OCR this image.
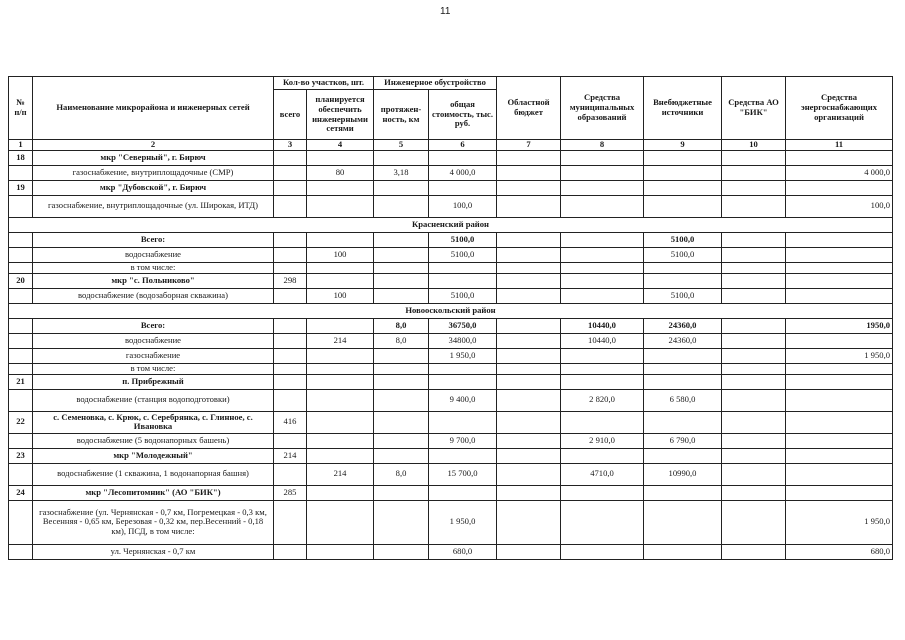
11
№
п/п	Наименование микрорайона и инженерных сетей	Кол-во участков, шт.		Инженерное обустройство		Областной бюджет	Средства муниципальных образований	Внебюджетные источники	Средства АО "БИК"	Средства энергоснабжающих организаций
		всего	планируется обеспечить инженерными сетями	протяжен-ность, км	общая стоимость, тыс. руб.					
1	2	3	4	5	6	7	8	9	10	11
18	мкр "Северный", г. Бирюч									
	газоснабжение, внутриплощадочные (СМР)		80	3,18	4 000,0					4 000,0
19	мкр "Дубовской", г. Бирюч									
	газоснабжение, внутриплощадочные (ул. Широкая, ИТД)				100,0					100,0
Красненский район										
	Всего:				5100,0			5100,0		
	водоснабжение		100		5100,0			5100,0		
	в том числе:									
20	мкр "с. Польниково"	298								
	водоснабжение (водозаборная скважина)		100		5100,0			5100,0		
Новооскольский район										
	Всего:			8,0	36750,0		10440,0	24360,0		1950,0
	водоснабжение		214	8,0	34800,0		10440,0	24360,0		
	газоснабжение				1 950,0					1 950,0
	в том числе:									
21	п. Прибрежный									
	водоснабжение (станция водоподготовки)				9 400,0		2 820,0	6 580,0		
22	с. Семеновка, с. Крюк, с. Серебрянка, с. Глинное, с. Ивановка	416								
	водоснабжение (5 водонапорных башень)				9 700,0		2 910,0	6 790,0		
23	мкр "Молодежный"	214								
	водоснабжение (1 скважина, 1 водонапорная башня)		214	8,0	15 700,0		4710,0	10990,0		
24	мкр "Лесопитомник" (АО "БИК")	285								
	газоснабжение (ул. Чернянская - 0,7 км, Погремецкая - 0,3 км, Весенняя - 0,65 км, Березовая - 0,32 км, пер.Весенний - 0,18 км), ПСД, в том числе:				1 950,0					1 950,0
	ул. Чернянская - 0,7 км				680,0					680,0
